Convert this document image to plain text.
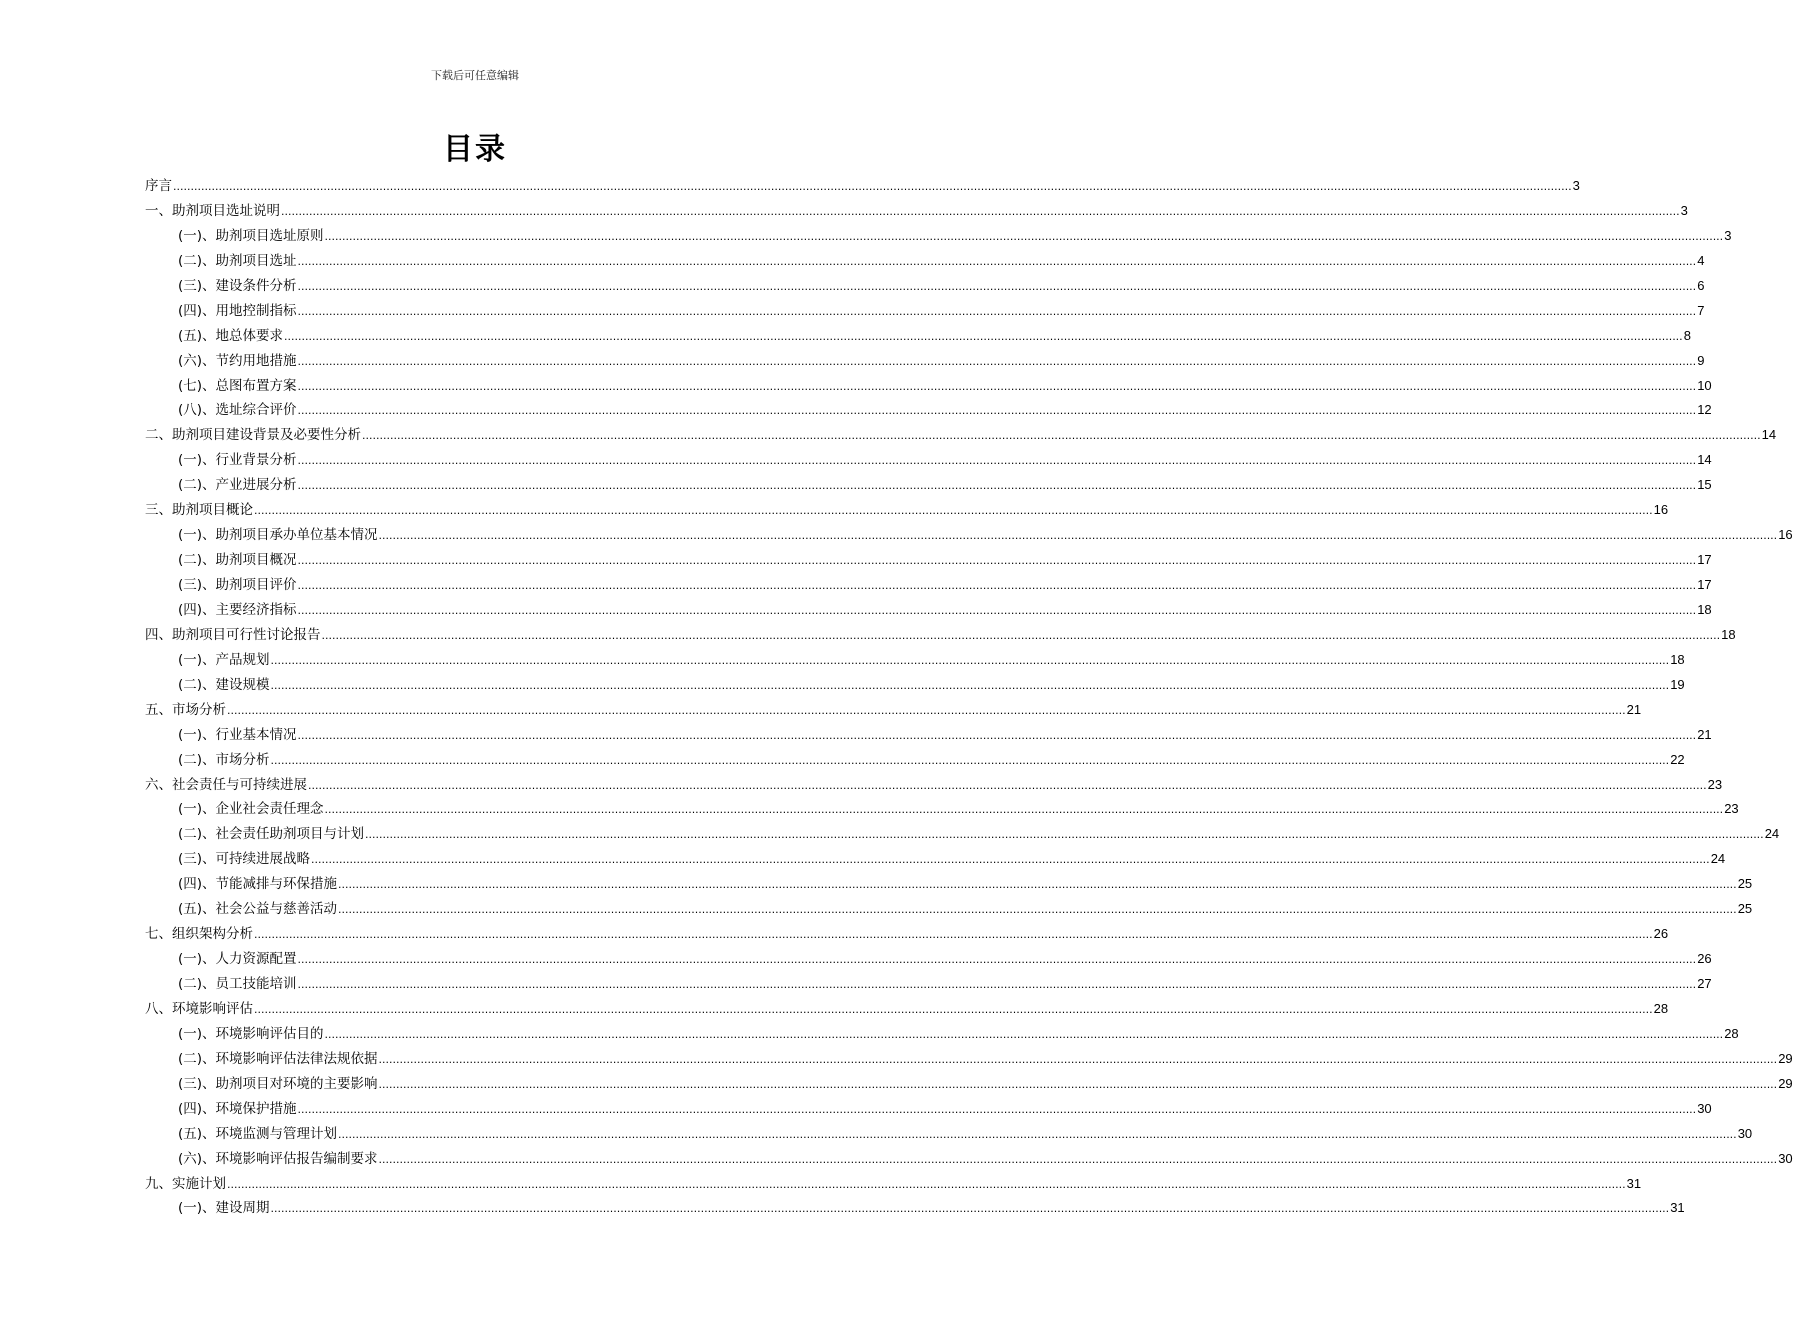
下载后可任意编辑
目录
序言 ................................................................................................................................................................................................................................................................................................................................................................................................................ 3
一、助剂项目选址说明 ................................................................................................................................................................................................................................................................................................................................................................................................................ 3
(一)、助剂项目选址原则 ................................................................................................................................................................................................................................................................................................................................................................................................................ 3
(二)、助剂项目选址 ................................................................................................................................................................................................................................................................................................................................................................................................................ 4
(三)、建设条件分析 ................................................................................................................................................................................................................................................................................................................................................................................................................ 6
(四)、用地控制指标 ................................................................................................................................................................................................................................................................................................................................................................................................................ 7
(五)、地总体要求 ................................................................................................................................................................................................................................................................................................................................................................................................................ 8
(六)、节约用地措施 ................................................................................................................................................................................................................................................................................................................................................................................................................ 9
(七)、总图布置方案 ................................................................................................................................................................................................................................................................................................................................................................................................................ 10
(八)、选址综合评价 ................................................................................................................................................................................................................................................................................................................................................................................................................ 12
二、助剂项目建设背景及必要性分析 ................................................................................................................................................................................................................................................................................................................................................................................................................ 14
(一)、行业背景分析 ................................................................................................................................................................................................................................................................................................................................................................................................................ 14
(二)、产业进展分析 ................................................................................................................................................................................................................................................................................................................................................................................................................ 15
三、助剂项目概论 ................................................................................................................................................................................................................................................................................................................................................................................................................ 16
(一)、助剂项目承办单位基本情况 ................................................................................................................................................................................................................................................................................................................................................................................................................ 16
(二)、助剂项目概况 ................................................................................................................................................................................................................................................................................................................................................................................................................ 17
(三)、助剂项目评价 ................................................................................................................................................................................................................................................................................................................................................................................................................ 17
(四)、主要经济指标 ................................................................................................................................................................................................................................................................................................................................................................................................................ 18
四、助剂项目可行性讨论报告 ................................................................................................................................................................................................................................................................................................................................................................................................................ 18
(一)、产品规划 ................................................................................................................................................................................................................................................................................................................................................................................................................ 18
(二)、建设规模 ................................................................................................................................................................................................................................................................................................................................................................................................................ 19
五、市场分析 ................................................................................................................................................................................................................................................................................................................................................................................................................ 21
(一)、行业基本情况 ................................................................................................................................................................................................................................................................................................................................................................................................................ 21
(二)、市场分析 ................................................................................................................................................................................................................................................................................................................................................................................................................ 22
六、社会责任与可持续进展 ................................................................................................................................................................................................................................................................................................................................................................................................................ 23
(一)、企业社会责任理念 ................................................................................................................................................................................................................................................................................................................................................................................................................ 23
(二)、社会责任助剂项目与计划 ................................................................................................................................................................................................................................................................................................................................................................................................................ 24
(三)、可持续进展战略 ................................................................................................................................................................................................................................................................................................................................................................................................................ 24
(四)、节能减排与环保措施 ................................................................................................................................................................................................................................................................................................................................................................................................................ 25
(五)、社会公益与慈善活动 ................................................................................................................................................................................................................................................................................................................................................................................................................ 25
七、组织架构分析 ................................................................................................................................................................................................................................................................................................................................................................................................................ 26
(一)、人力资源配置 ................................................................................................................................................................................................................................................................................................................................................................................................................ 26
(二)、员工技能培训 ................................................................................................................................................................................................................................................................................................................................................................................................................ 27
八、环境影响评估 ................................................................................................................................................................................................................................................................................................................................................................................................................ 28
(一)、环境影响评估目的 ................................................................................................................................................................................................................................................................................................................................................................................................................ 28
(二)、环境影响评估法律法规依据 ................................................................................................................................................................................................................................................................................................................................................................................................................ 29
(三)、助剂项目对环境的主要影响 ................................................................................................................................................................................................................................................................................................................................................................................................................ 29
(四)、环境保护措施 ................................................................................................................................................................................................................................................................................................................................................................................................................ 30
(五)、环境监测与管理计划 ................................................................................................................................................................................................................................................................................................................................................................................................................ 30
(六)、环境影响评估报告编制要求 ................................................................................................................................................................................................................................................................................................................................................................................................................ 30
九、实施计划 ................................................................................................................................................................................................................................................................................................................................................................................................................ 31
(一)、建设周期 ................................................................................................................................................................................................................................................................................................................................................................................................................ 31
